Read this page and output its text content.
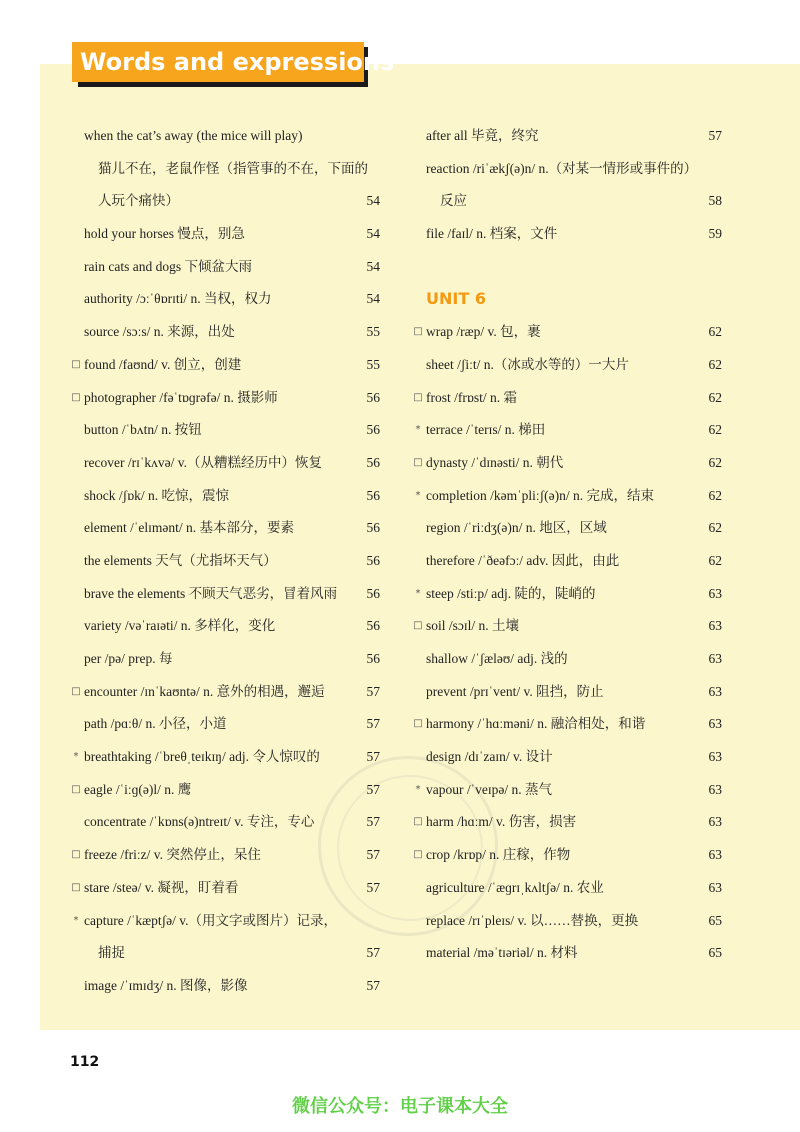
Words and expressions
when the cat’s away (the mice will play)
猫儿不在，老鼠作怪（指管事的不在，下面的
人玩个痛快）	54
hold your horses 慢点，别急	54
rain cats and dogs 下倾盆大雨	54
authority /ɔːˈθɒrɪti/ n. 当权，权力	54
source /sɔːs/ n. 来源，出处	55
□ found /faʊnd/ v. 创立，创建	55
□ photographer /fəˈtɒɡrəfə/ n. 摄影师	56
button /ˈbʌtn/ n. 按钮	56
recover /rɪˈkʌvə/ v.（从糟糕经历中）恢复	56
shock /ʃɒk/ n. 吃惊，震惊	56
element /ˈelɪmənt/ n. 基本部分，要素	56
the elements 天气（尤指坏天气）	56
brave the elements 不顾天气恶劣，冒着风雨	56
variety /vəˈraɪəti/ n. 多样化，变化	56
per /pə/ prep. 每	56
□ encounter /ɪnˈkaʊntə/ n. 意外的相遇，邂逅	57
path /pɑːθ/ n. 小径，小道	57
* breathtaking /ˈbreθˌteɪkɪŋ/ adj. 令人惊叹的	57
□ eagle /ˈiːɡ(ə)l/ n. 鹰	57
concentrate /ˈkɒns(ə)ntreɪt/ v. 专注，专心	57
□ freeze /friːz/ v. 突然停止，呆住	57
□ stare /steə/ v. 凝视，盯着看	57
* capture /ˈkæptʃə/ v.（用文字或图片）记录，
捕捉	57
image /ˈɪmɪdʒ/ n. 图像，影像	57
after all 毕竟，终究	57
reaction /riˈækʃ(ə)n/ n.（对某一情形或事件的）
反应	58
file /faɪl/ n. 档案，文件	59
UNIT 6
□ wrap /ræp/ v. 包，裹	62
sheet /ʃiːt/ n.（冰或水等的）一大片	62
□ frost /frɒst/ n. 霜	62
* terrace /ˈterɪs/ n. 梯田	62
□ dynasty /ˈdɪnəsti/ n. 朝代	62
* completion /kəmˈpliːʃ(ə)n/ n. 完成，结束	62
region /ˈriːdʒ(ə)n/ n. 地区，区域	62
therefore /ˈðeəfɔː/ adv. 因此，由此	62
* steep /stiːp/ adj. 陡的，陡峭的	63
□ soil /sɔɪl/ n. 土壤	63
shallow /ˈʃæləʊ/ adj. 浅的	63
prevent /prɪˈvent/ v. 阻挡，防止	63
□ harmony /ˈhɑːməni/ n. 融洽相处，和谐	63
design /dɪˈzaɪn/ v. 设计	63
* vapour /ˈveɪpə/ n. 蒸气	63
□ harm /hɑːm/ v. 伤害，损害	63
□ crop /krɒp/ n. 庄稼，作物	63
agriculture /ˈæɡrɪˌkʌltʃə/ n. 农业	63
replace /rɪˈpleɪs/ v. 以……替换，更换	65
material /məˈtɪəriəl/ n. 材料	65
112
微信公众号：电子课本大全
